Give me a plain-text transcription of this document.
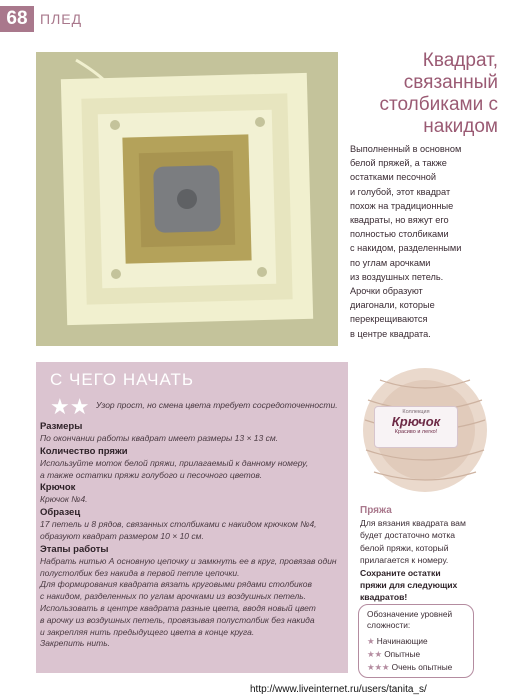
68 ПЛЕД
Квадрат, связанный столбиками с накидом
Выполненный в основном
белой пряжей, а также
остатками песочной
и голубой, этот квадрат
похож на традиционные
квадраты, но вяжут его
полностью столбиками
с накидом, разделенными
по углам арочками
из воздушных петель.
Арочки образуют
диагонали, которые
перекрещиваются
в центре квадрата.
С ЧЕГО НАЧАТЬ
★★ Узор прост, но смена цвета требует сосредоточенности.
Размеры
По окончании работы квадрат имеет размеры 13 × 13 см.
Количество пряжи
Используйте моток белой пряжи, прилагаемый к данному номеру,
а также остатки пряжи голубого и песочного цветов.
Крючок
Крючок №4.
Образец
17 петель и 8 рядов, связанных столбиками с накидом крючком №4,
образуют квадрат размером 10 × 10 см.
Этапы работы
Набрать нитью А основную цепочку и замкнуть ее в круг, провязав один
полустолбик без накида в первой петле цепочки.
Для формирования квадрата вязать круговыми рядами столбиков
с накидом, разделенных по углам арочками из воздушных петель.
Использовать в центре квадрата разные цвета, вводя новый цвет
в арочку из воздушных петель, провязывая полустолбик без накида
и закрепляя нить предыдущего цвета в конце круга.
Закрепить нить.
Коллекция
Крючок
Красиво и легко!
Пряжа
Для вязания квадрата вам
будет достаточно мотка
белой пряжи, который
прилагается к номеру.
Сохраните остатки
пряжи для следующих
квадратов!
Обозначение уровней сложности:
★ Начинающие
★★ Опытные
★★★ Очень опытные
http://www.liveinternet.ru/users/tanita_s/
